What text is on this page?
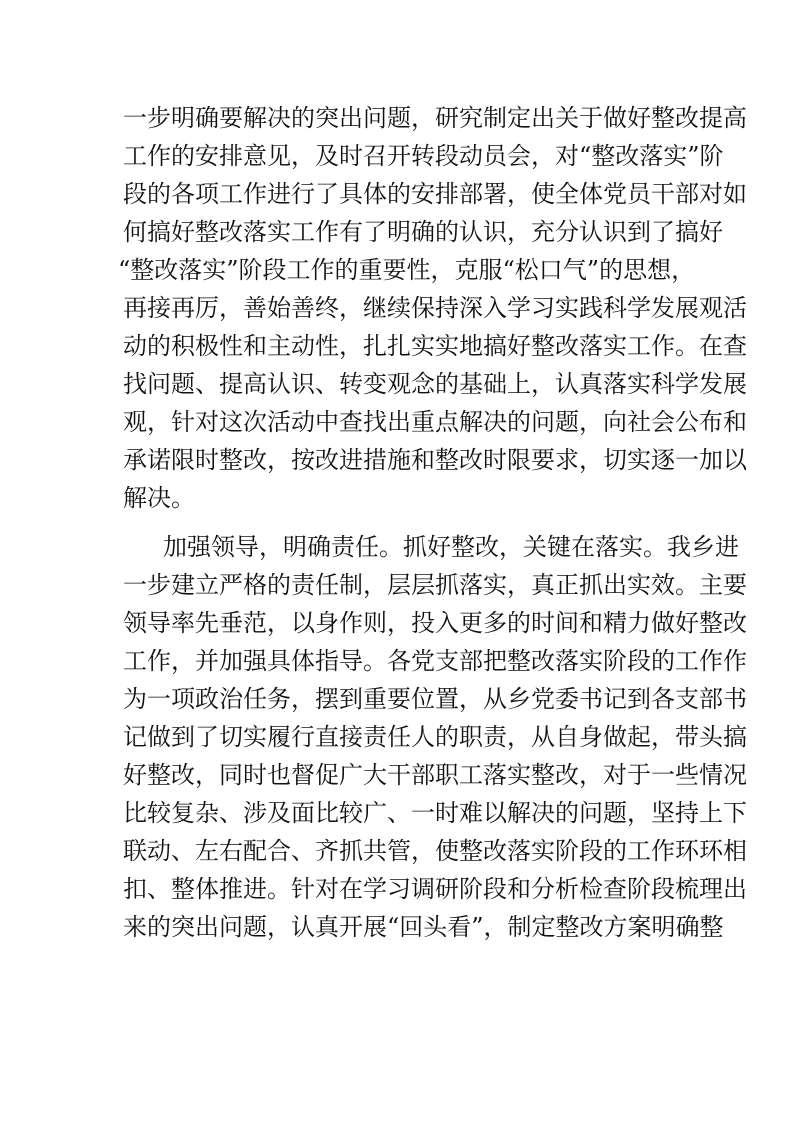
一步明确要解决的突出问题，研究制定出关于做好整改提高
工作的安排意见，及时召开转段动员会，对“整改落实”阶
段的各项工作进行了具体的安排部署，使全体党员干部对如
何搞好整改落实工作有了明确的认识，充分认识到了搞好
“整改落实”阶段工作的重要性，克服“松口气”的思想，
再接再厉，善始善终，继续保持深入学习实践科学发展观活
动的积极性和主动性，扎扎实实地搞好整改落实工作。在查
找问题、提高认识、转变观念的基础上，认真落实科学发展
观，针对这次活动中查找出重点解决的问题，向社会公布和
承诺限时整改，按改进措施和整改时限要求，切实逐一加以
解决。
加强领导，明确责任。抓好整改，关键在落实。我乡进
一步建立严格的责任制，层层抓落实，真正抓出实效。主要
领导率先垂范，以身作则，投入更多的时间和精力做好整改
工作，并加强具体指导。各党支部把整改落实阶段的工作作
为一项政治任务，摆到重要位置，从乡党委书记到各支部书
记做到了切实履行直接责任人的职责，从自身做起，带头搞
好整改，同时也督促广大干部职工落实整改，对于一些情况
比较复杂、涉及面比较广、一时难以解决的问题，坚持上下
联动、左右配合、齐抓共管，使整改落实阶段的工作环环相
扣、整体推进。针对在学习调研阶段和分析检查阶段梳理出
来的突出问题，认真开展“回头看”，制定整改方案明确整
